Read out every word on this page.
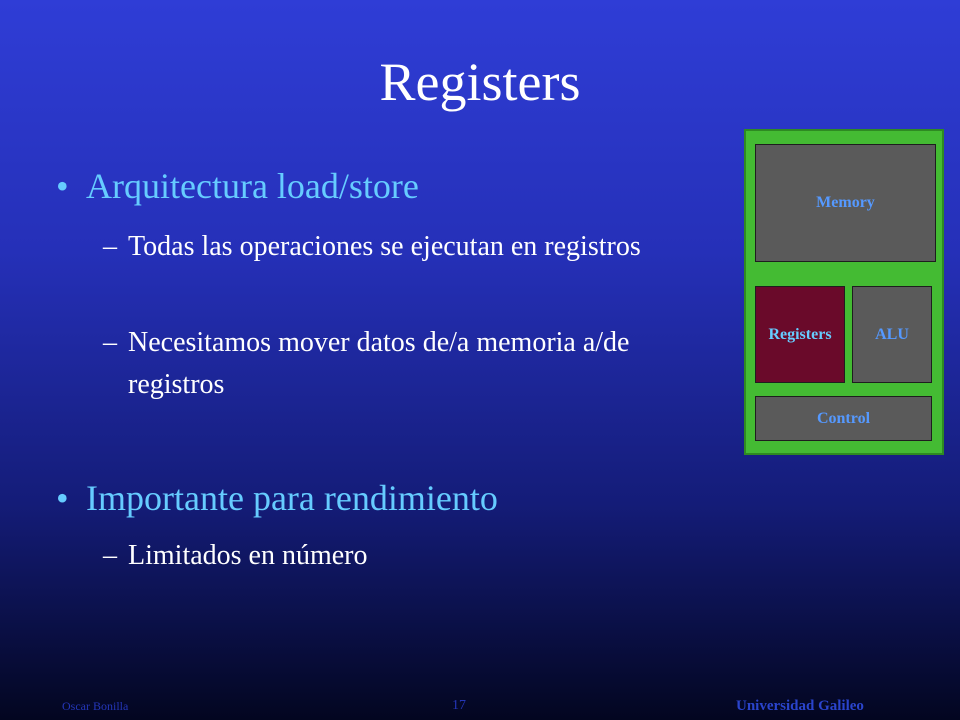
Registers
• Arquitectura load/store
– Todas las operaciones se ejecutan en registros
– Necesitamos mover datos de/a memoria a/de registros
• Importante para rendimiento
– Limitados en número
Memory
Registers	ALU
Control
Oscar Bonilla	17	Universidad Galileo
